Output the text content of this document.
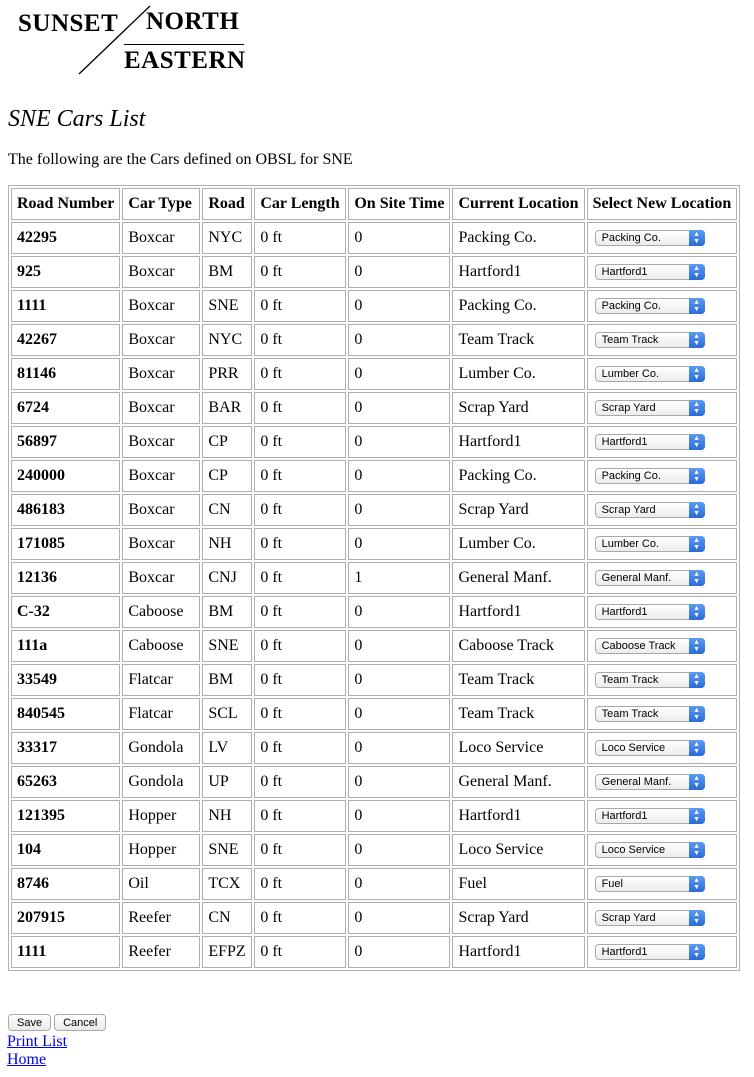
SUNSET NORTH
EASTERN
SNE Cars List

The following are the Cars defined on OBSL for SNE

Road Number	Car Type	Road	Car Length	On Site Time	Current Location	Select New Location
42295	Boxcar	NYC	0 ft	0	Packing Co.	Packing Co. ▲
▼

925	Boxcar	BM	0 ft	0	Hartford1	Hartford1 ▲
▼

1111	Boxcar	SNE	0 ft	0	Packing Co.	Packing Co. ▲
▼

42267	Boxcar	NYC	0 ft	0	Team Track	Team Track ▲
▼

81146	Boxcar	PRR	0 ft	0	Lumber Co.	Lumber Co. ▲
▼

6724	Boxcar	BAR	0 ft	0	Scrap Yard	Scrap Yard ▲
▼

56897	Boxcar	CP	0 ft	0	Hartford1	Hartford1 ▲
▼

240000	Boxcar	CP	0 ft	0	Packing Co.	Packing Co. ▲
▼

486183	Boxcar	CN	0 ft	0	Scrap Yard	Scrap Yard ▲
▼

171085	Boxcar	NH	0 ft	0	Lumber Co.	Lumber Co. ▲
▼

12136	Boxcar	CNJ	0 ft	1	General Manf.	General Manf. ▲
▼

C-32	Caboose	BM	0 ft	0	Hartford1	Hartford1 ▲
▼

111a	Caboose	SNE	0 ft	0	Caboose Track	Caboose Track ▲
▼

33549	Flatcar	BM	0 ft	0	Team Track	Team Track ▲
▼

840545	Flatcar	SCL	0 ft	0	Team Track	Team Track ▲
▼

33317	Gondola	LV	0 ft	0	Loco Service	Loco Service ▲
▼

65263	Gondola	UP	0 ft	0	General Manf.	General Manf. ▲
▼

121395	Hopper	NH	0 ft	0	Hartford1	Hartford1 ▲
▼

104	Hopper	SNE	0 ft	0	Loco Service	Loco Service ▲
▼

8746	Oil	TCX	0 ft	0	Fuel	Fuel ▲
▼

207915	Reefer	CN	0 ft	0	Scrap Yard	Scrap Yard ▲
▼

1111	Reefer	EFPZ	0 ft	0	Hartford1	Hartford1 ▲
▼
Save Cancel
Print List
Home
